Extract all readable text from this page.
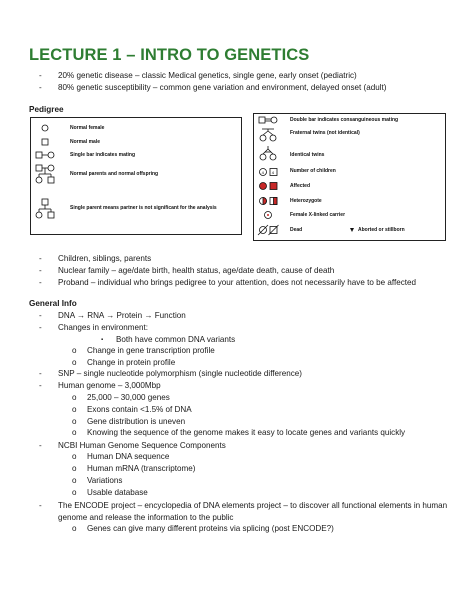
LECTURE 1 – INTRO TO GENETICS
- 20% genetic disease – classic Medical genetics, single gene, early onset (pediatric)
- 80% genetic susceptibility – common gene variation and environment, delayed onset (adult)
Pedigree
Normal female
Normal male
Single bar indicates mating
Normal parents and normal offspring
Single parent means partner is not significant for the analysis
4 4
Double bar indicates consanguineous mating
Fraternal twins (not identical)
Identical twins
Number of children
Affected
Heterozygote
Female X-linked carrier
Dead	Aborted or stillborn
- Children, siblings, parents
- Nuclear family – age/date birth, health status, age/date death, cause of death
- Proband – individual who brings pedigree to your attention, does not necessarily have to be affected
General Info
- DNA → RNA → Protein → Function
- Changes in environment:
▪ Both have common DNA variants
o Change in gene transcription profile
o Change in protein profile
- SNP – single nucleotide polymorphism (single nucleotide difference)
- Human genome – 3,000Mbp
o 25,000 – 30,000 genes
o Exons contain <1.5% of DNA
o Gene distribution is uneven
o Knowing the sequence of the genome makes it easy to locate genes and variants quickly
- NCBI Human Genome Sequence Components
o Human DNA sequence
o Human mRNA (transcriptome)
o Variations
o Usable database
- The ENCODE project – encyclopedia of DNA elements project – to discover all functional elements in human
genome and release the information to the public
o Genes can give many different proteins via splicing (post ENCODE?)
